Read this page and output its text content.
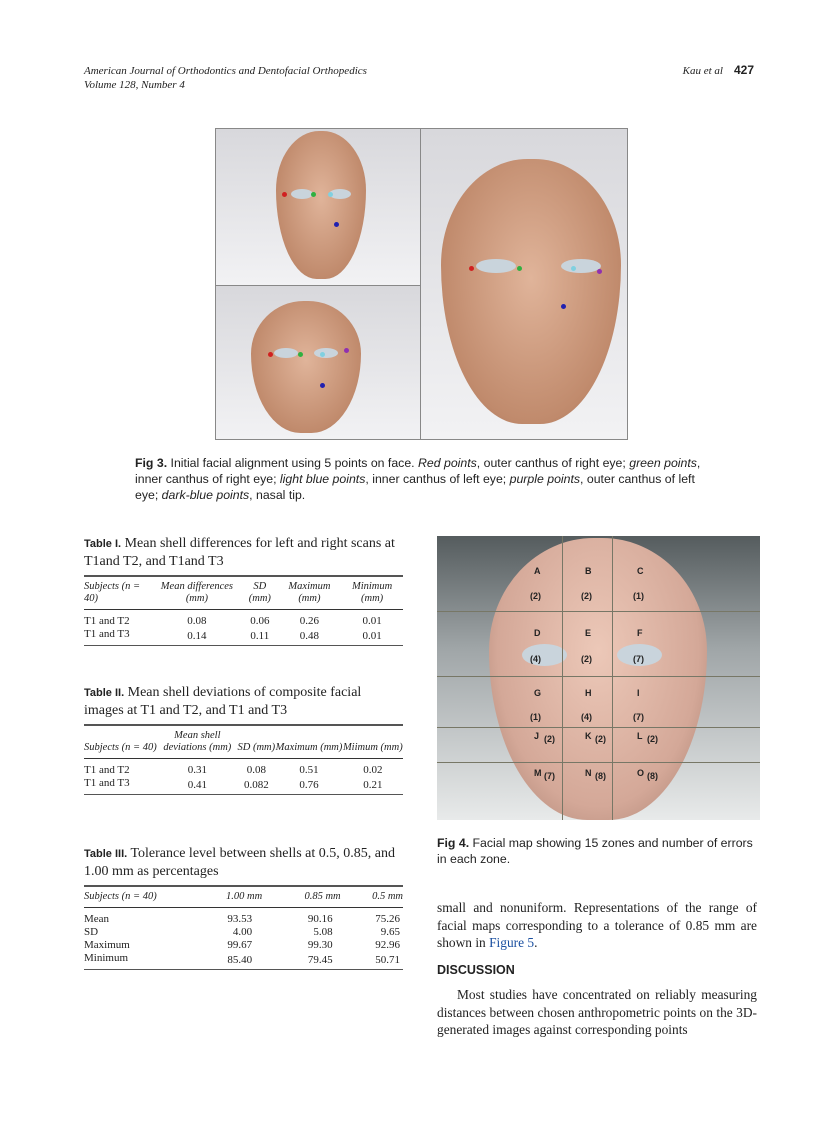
American Journal of Orthodontics and Dentofacial Orthopedics
Volume 128, Number 4
Kau et al 427
Fig 3. Initial facial alignment using 5 points on face. Red points, outer canthus of right eye; green points, inner canthus of right eye; light blue points, inner canthus of left eye; purple points, outer canthus of left eye; dark-blue points, nasal tip.
Table I. Mean shell differences for left and right scans at T1and T2, and T1and T3
Subjects (n = 40)	Mean differences (mm)	SD (mm)	Maximum (mm)	Minimum (mm)
T1 and T2	0.08	0.06	0.26	0.01
T1 and T3	0.14	0.11	0.48	0.01
Table II. Mean shell deviations of composite facial images at T1 and T2, and T1 and T3
Subjects (n = 40)	Mean shell deviations (mm)	SD (mm)	Maximum (mm)	Miimum (mm)
T1 and T2	0.31	0.08	0.51	0.02
T1 and T3	0.41	0.082	0.76	0.21
Table III. Tolerance level between shells at 0.5, 0.85, and 1.00 mm as percentages
Subjects (n = 40)	1.00 mm	0.85 mm	0.5 mm
Mean	93.53	90.16	75.26
SD	4.00	5.08	9.65
Maximum	99.67	99.30	92.96
Minimum	85.40	79.45	50.71
A
(2)
B
(2)
C
(1)
D
(4)
E
(2)
F
(7)
G
(1)
H
(4)
I
(7)
J (2)	K (2)	L (2)
M (7)	N (8)	O (8)
Fig 4. Facial map showing 15 zones and number of errors in each zone.
small and nonuniform. Representations of the range of facial maps corresponding to a tolerance of 0.85 mm are shown in Figure 5.
DISCUSSION
Most studies have concentrated on reliably measuring distances between chosen anthropometric points on the 3D-generated images against corresponding points
